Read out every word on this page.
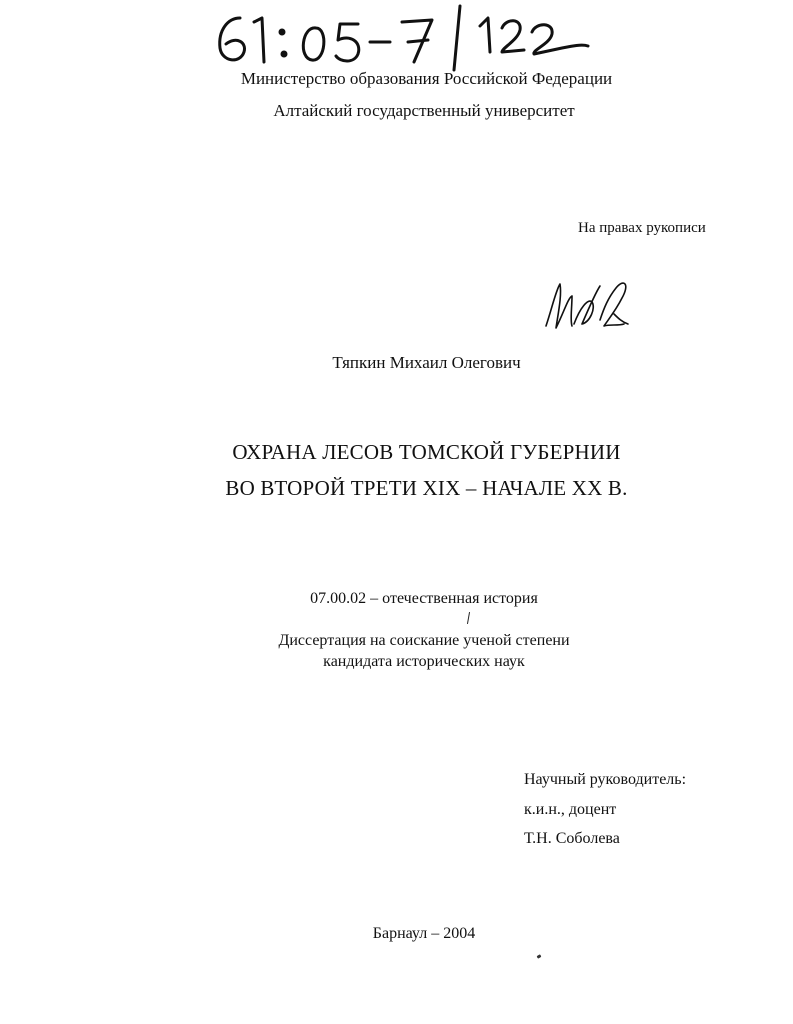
Министерство образования Российской Федерации
Алтайский государственный университет
На правах рукописи
Тяпкин Михаил Олегович
ОХРАНА ЛЕСОВ ТОМСКОЙ ГУБЕРНИИ
ВО ВТОРОЙ ТРЕТИ XIX – НАЧАЛЕ XX В.
07.00.02 – отечественная история
Диссертация на соискание ученой степени
кандидата исторических наук
Научный руководитель:
к.и.н., доцент
Т.Н. Соболева
Барнаул – 2004
